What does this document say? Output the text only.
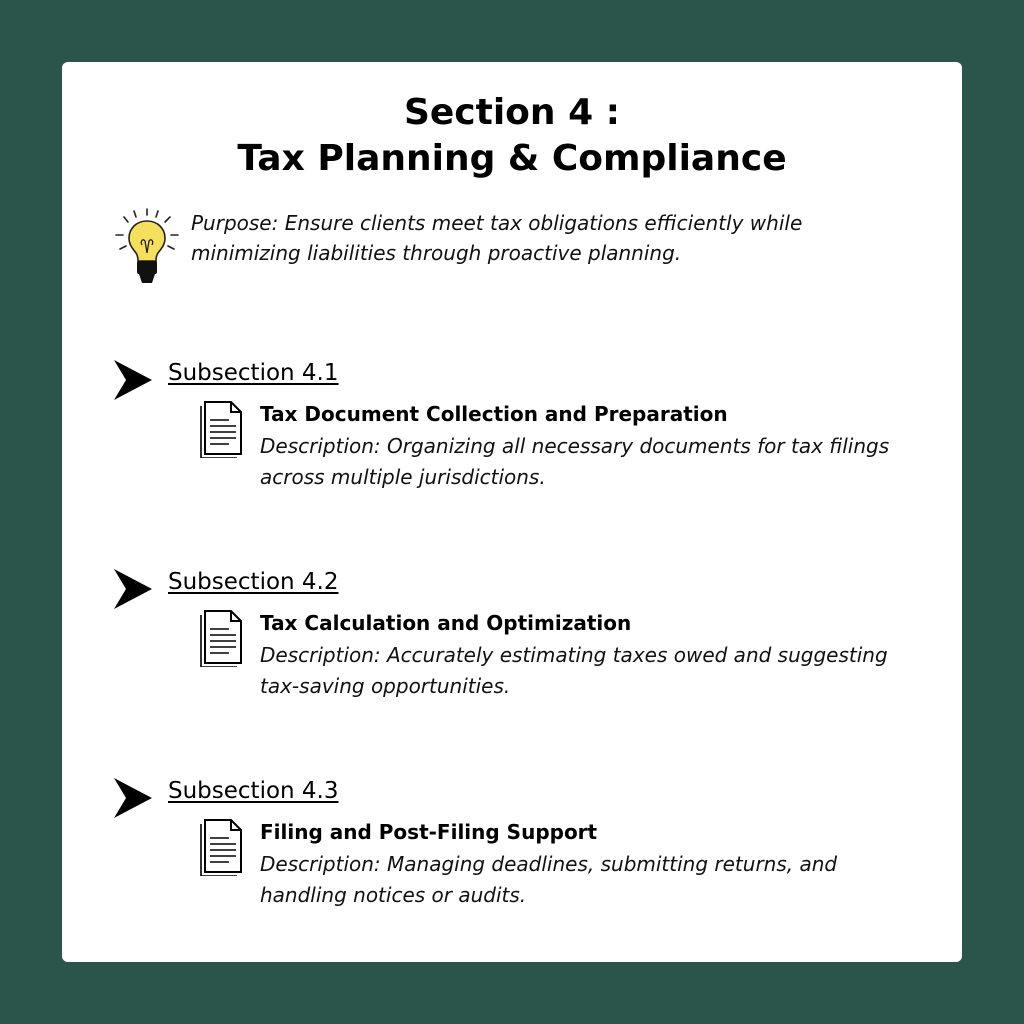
Section 4 :
Tax Planning & Compliance

Purpose: Ensure clients meet tax obligations efficiently while minimizing liabilities through proactive planning.

Subsection 4.1
Tax Document Collection and Preparation

Description: Organizing all necessary documents for tax filings across multiple jurisdictions.

Subsection 4.2
Tax Calculation and Optimization

Description: Accurately estimating taxes owed and suggesting tax-saving opportunities.

Subsection 4.3
Filing and Post-Filing Support

Description: Managing deadlines, submitting returns, and handling notices or audits.
